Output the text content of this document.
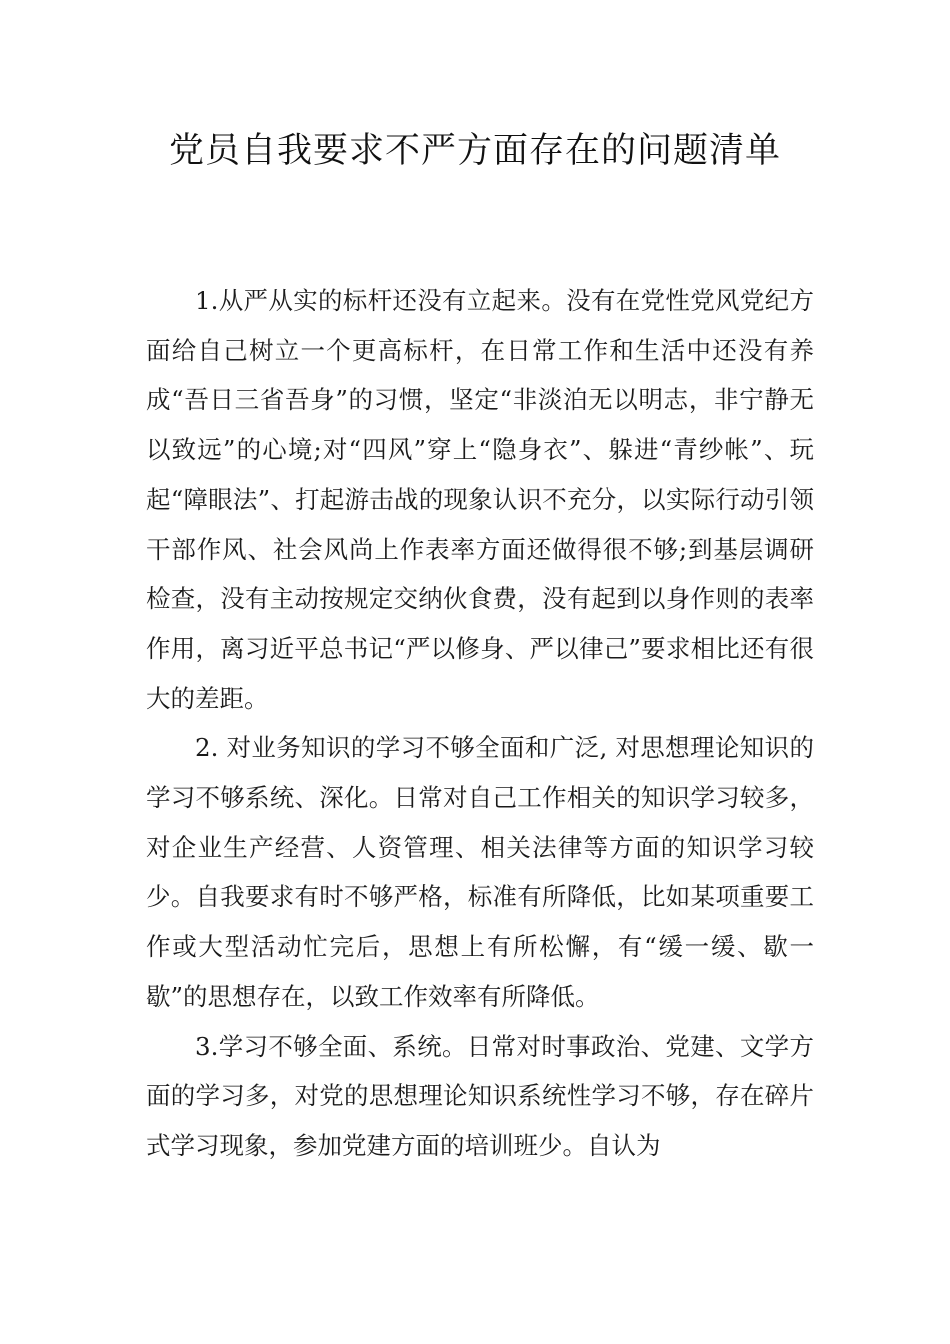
党员自我要求不严方面存在的问题清单

1.从严从实的标杆还没有立起来。没有在党性党风党纪方面给自己树立一个更高标杆，在日常工作和生活中还没有养成“吾日三省吾身”的习惯，坚定“非淡泊无以明志，非宁静无以致远”的心境;对“四风”穿上“隐身衣”、躲进“青纱帐”、玩起“障眼法”、打起游击战的现象认识不充分，以实际行动引领干部作风、社会风尚上作表率方面还做得很不够;到基层调研检查，没有主动按规定交纳伙食费，没有起到以身作则的表率作用，离习近平总书记“严以修身、严以律己”要求相比还有很大的差距。

2. 对业务知识的学习不够全面和广泛, 对思想理论知识的学习不够系统、深化。日常对自己工作相关的知识学习较多，对企业生产经营、人资管理、相关法律等方面的知识学习较少。自我要求有时不够严格，标准有所降低，比如某项重要工作或大型活动忙完后，思想上有所松懈，有“缓一缓、歇一歇”的思想存在，以致工作效率有所降低。

3.学习不够全面、系统。日常对时事政治、党建、文学方面的学习多，对党的思想理论知识系统性学习不够，存在碎片式学习现象，参加党建方面的培训班少。自认为
